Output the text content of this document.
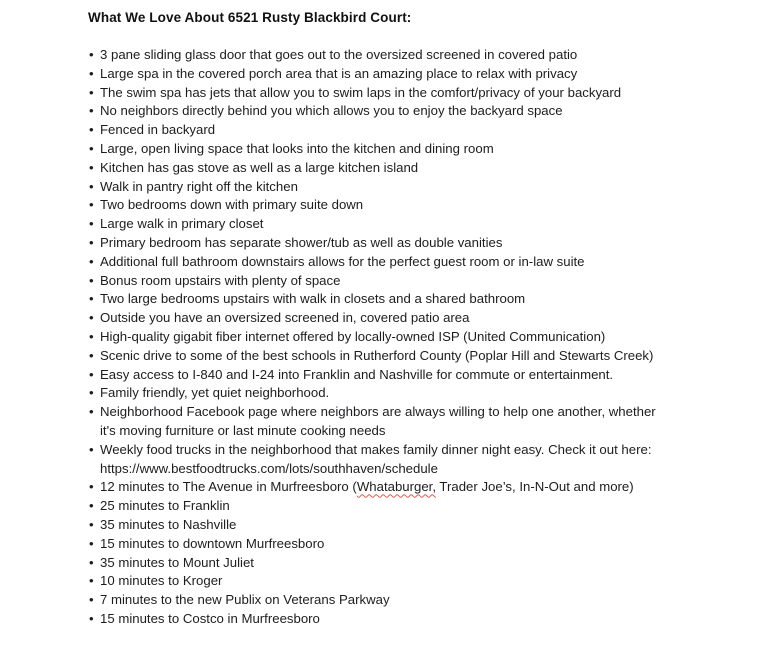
What We Love About 6521 Rusty Blackbird Court:
• 3 pane sliding glass door that goes out to the oversized screened in covered patio
• Large spa in the covered porch area that is an amazing place to relax with privacy
• The swim spa has jets that allow you to swim laps in the comfort/privacy of your backyard
• No neighbors directly behind you which allows you to enjoy the backyard space
• Fenced in backyard
• Large, open living space that looks into the kitchen and dining room
• Kitchen has gas stove as well as a large kitchen island
• Walk in pantry right off the kitchen
• Two bedrooms down with primary suite down
• Large walk in primary closet
• Primary bedroom has separate shower/tub as well as double vanities
• Additional full bathroom downstairs allows for the perfect guest room or in-law suite
• Bonus room upstairs with plenty of space
• Two large bedrooms upstairs with walk in closets and a shared bathroom
• Outside you have an oversized screened in, covered patio area
• High-quality gigabit fiber internet offered by locally-owned ISP (United Communication)
• Scenic drive to some of the best schools in Rutherford County (Poplar Hill and Stewarts Creek)
• Easy access to I-840 and I-24 into Franklin and Nashville for commute or entertainment.
• Family friendly, yet quiet neighborhood.
• Neighborhood Facebook page where neighbors are always willing to help one another, whether it's moving furniture or last minute cooking needs
• Weekly food trucks in the neighborhood that makes family dinner night easy. Check it out here: https://www.bestfoodtrucks.com/lots/southhaven/schedule
• 12 minutes to The Avenue in Murfreesboro (Whataburger, Trader Joe’s, In-N-Out and more)
• 25 minutes to Franklin
• 35 minutes to Nashville
• 15 minutes to downtown Murfreesboro
• 35 minutes to Mount Juliet
• 10 minutes to Kroger
• 7 minutes to the new Publix on Veterans Parkway
• 15 minutes to Costco in Murfreesboro
